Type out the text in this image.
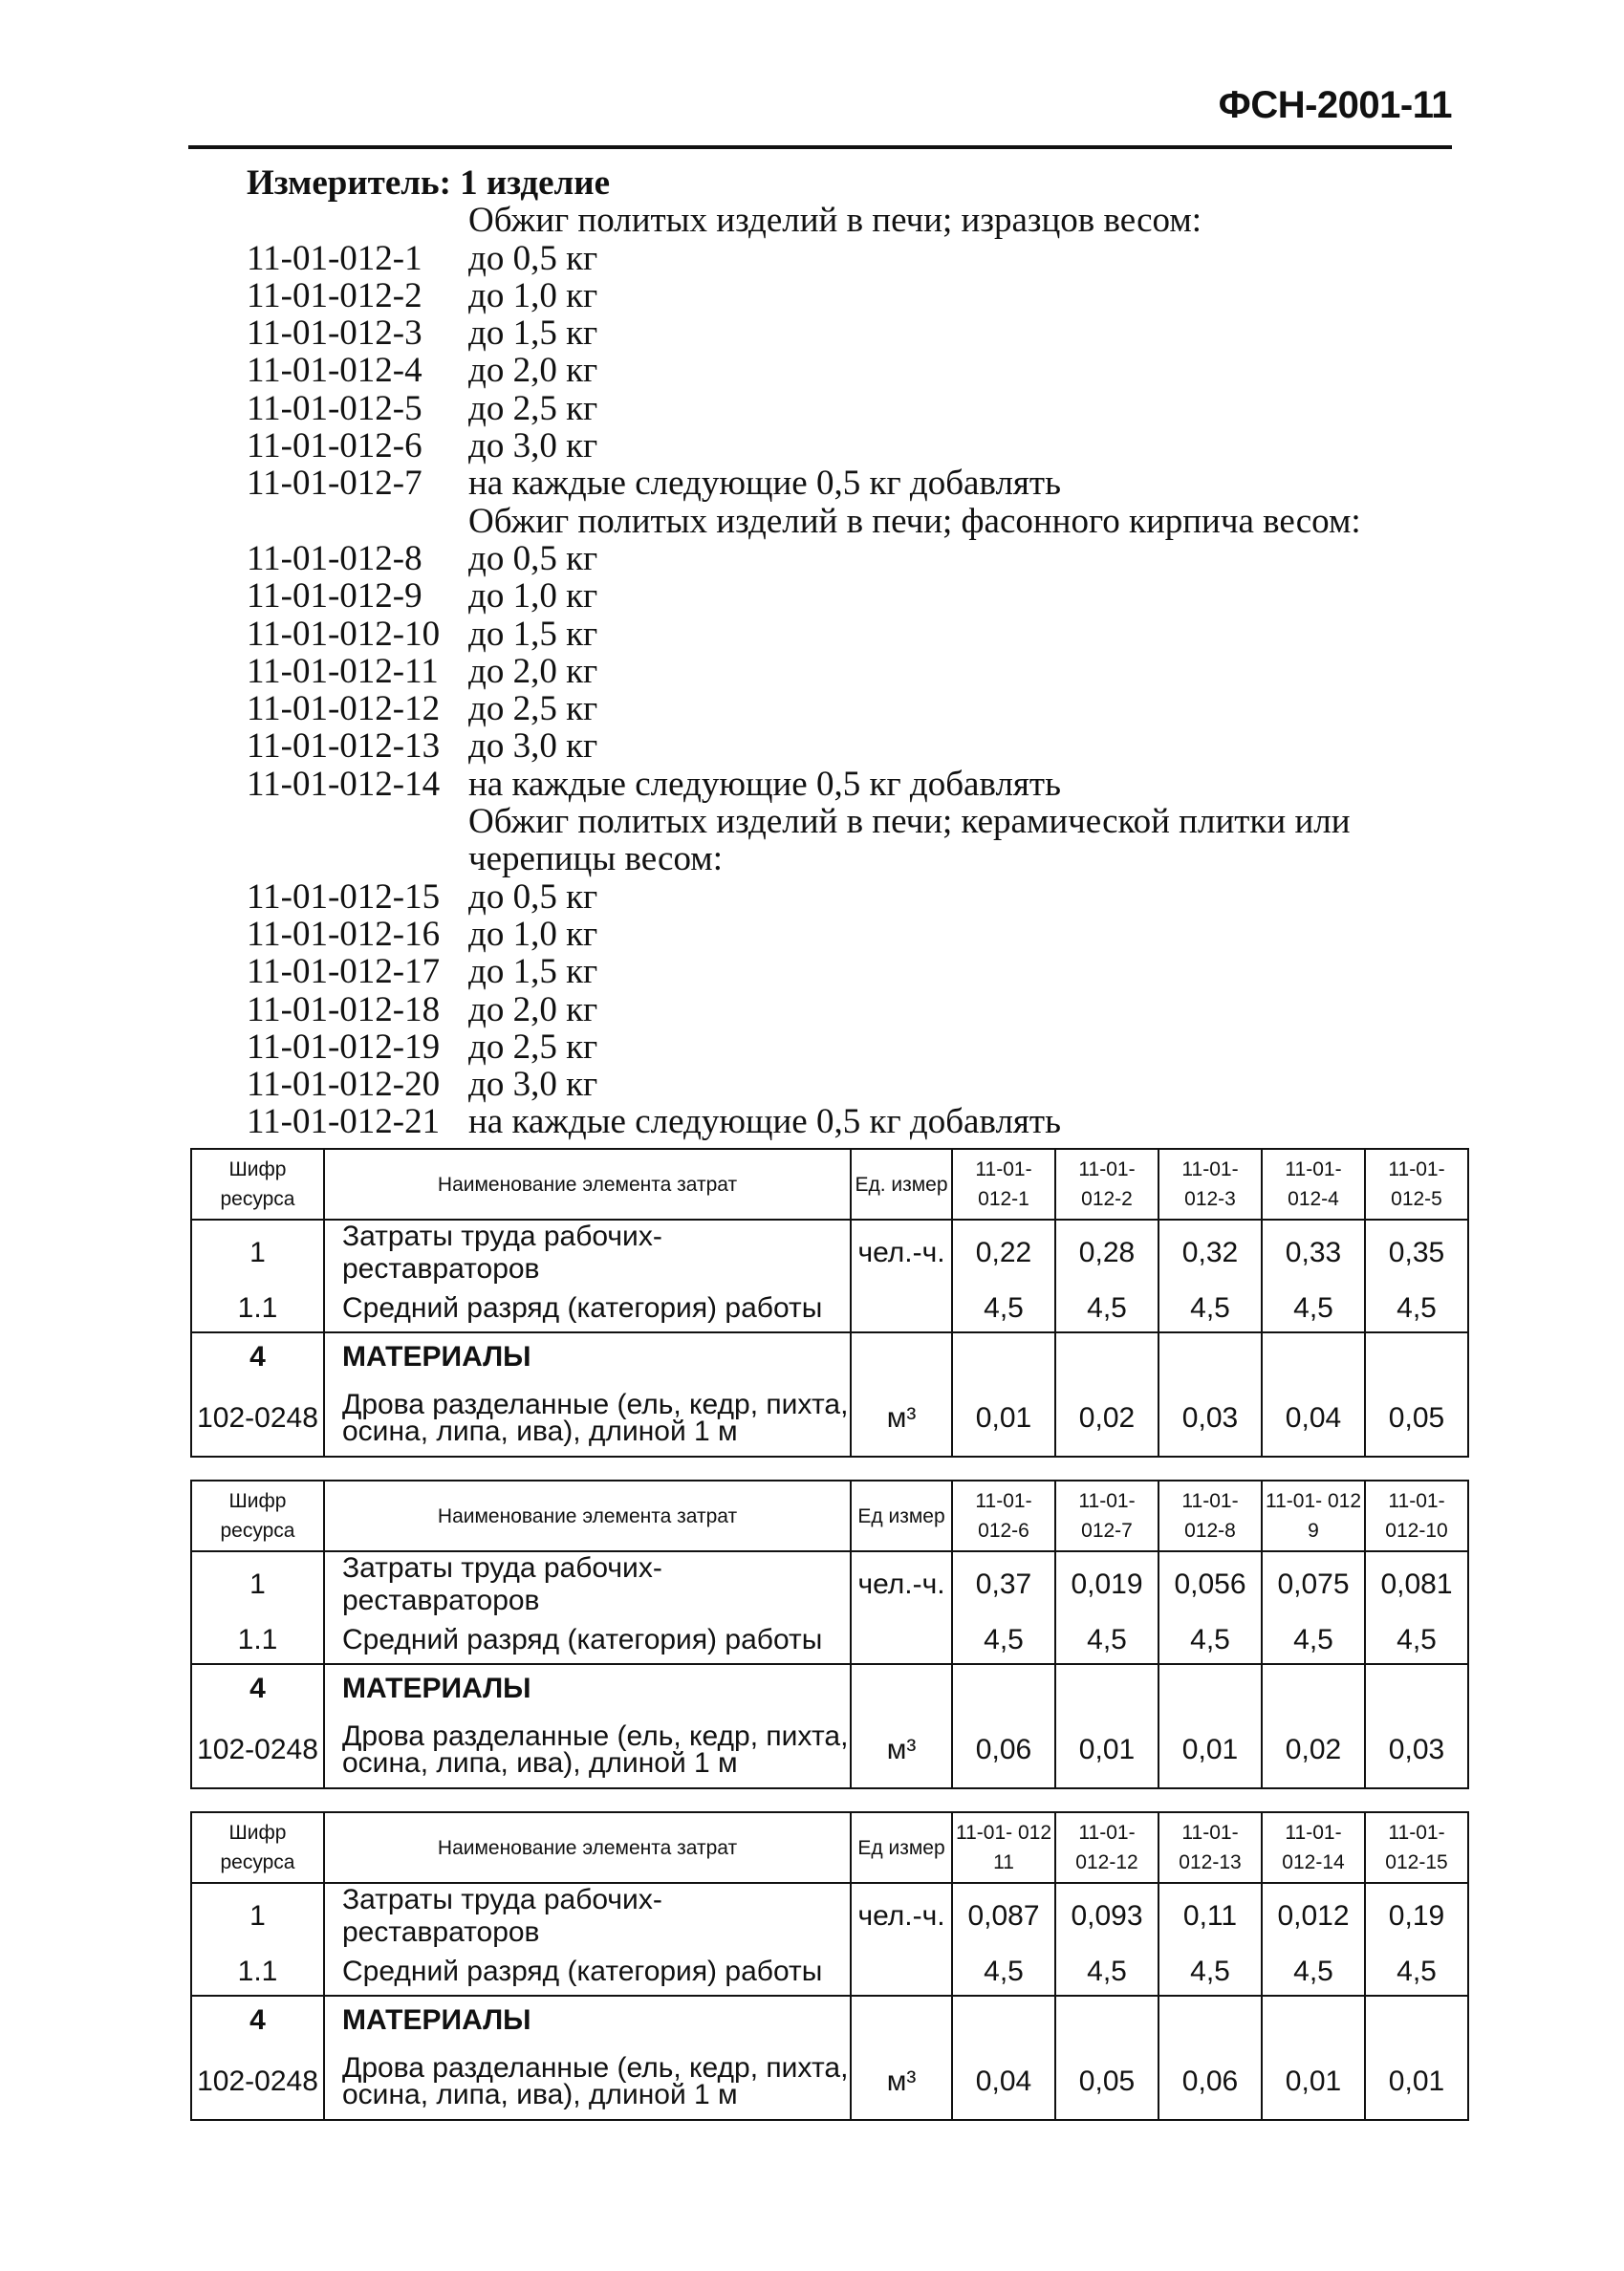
ФСН-2001-11
Измеритель: 1 изделие
Обжиг политых изделий в печи; изразцов весом:
11-01-012-1	до 0,5 кг
11-01-012-2	до 1,0 кг
11-01-012-3	до 1,5 кг
11-01-012-4	до 2,0 кг
11-01-012-5	до 2,5 кг
11-01-012-6	до 3,0 кг
11-01-012-7	на каждые следующие 0,5 кг добавлять
Обжиг политых изделий в печи; фасонного кирпича весом:
11-01-012-8	до 0,5 кг
11-01-012-9	до 1,0 кг
11-01-012-10 до 1,5 кг
11-01-012-11 до 2,0 кг
11-01-012-12 до 2,5 кг
11-01-012-13 до 3,0 кг
11-01-012-14 на каждые следующие 0,5 кг добавлять
Обжиг политых изделий в печи; керамической плитки или
черепицы весом:
11-01-012-15 до 0,5 кг
11-01-012-16 до 1,0 кг
11-01-012-17 до 1,5 кг
11-01-012-18 до 2,0 кг
11-01-012-19 до 2,5 кг
11-01-012-20 до 3,0 кг
11-01-012-21 на каждые следующие 0,5 кг добавлять
Шифр ресурса	Наименование элемента затрат	Ед. измер	11-01- 012-1	11-01- 012-2	11-01- 012-3	11-01- 012-4	11-01- 012-5
1	Затраты труда рабочих-реставраторов	чел.-ч.	0,22	0,28	0,32	0,33	0,35
1.1	Средний разряд (категория) работы		4,5	4,5	4,5	4,5	4,5
4	МАТЕРИАЛЫ						
102-0248	Дрова разделанные (ель, кедр, пихта,
осина, липа, ива), длиной 1 м	м³	0,01	0,02	0,03	0,04	0,05
Шифр ресурса	Наименование элемента затрат	Ед измер	11-01- 012-6	11-01- 012-7	11-01- 012-8	11-01- 012 9	11-01- 012-10
1	Затраты труда рабочих-реставраторов	чел.-ч.	0,37	0,019	0,056	0,075	0,081
1.1	Средний разряд (категория) работы		4,5	4,5	4,5	4,5	4,5
4	МАТЕРИАЛЫ						
102-0248	Дрова разделанные (ель, кедр, пихта,
осина, липа, ива), длиной 1 м	м³	0,06	0,01	0,01	0,02	0,03
Шифр ресурса	Наименование элемента затрат	Ед измер	11-01- 012 11	11-01- 012-12	11-01- 012-13	11-01- 012-14	11-01- 012-15
1	Затраты труда рабочих-реставраторов	чел.-ч.	0,087	0,093	0,11	0,012	0,19
1.1	Средний разряд (категория) работы		4,5	4,5	4,5	4,5	4,5
4	МАТЕРИАЛЫ						
102-0248	Дрова разделанные (ель, кедр, пихта,
осина, липа, ива), длиной 1 м	м³	0,04	0,05	0,06	0,01	0,01
